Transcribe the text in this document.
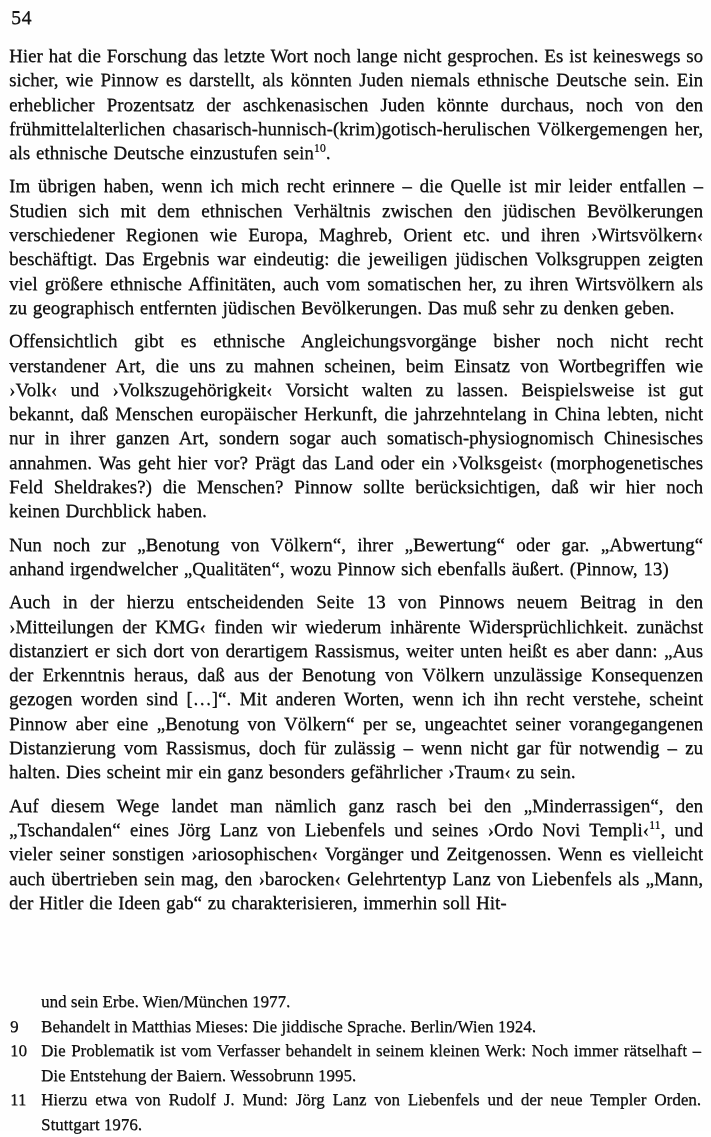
54

Hier hat die Forschung das letzte Wort noch lange nicht gesprochen. Es ist keineswegs so sicher, wie Pinnow es darstellt, als könnten Juden niemals ethnische Deutsche sein. Ein erheblicher Prozentsatz der aschkenasischen Juden könnte durchaus, noch von den frühmittelalterlichen chasarisch-hunnisch-(krim)gotisch-herulischen Völkergemengen her, als ethnische Deutsche einzustufen sein$^{10}$.

Im übrigen haben, wenn ich mich recht erinnere – die Quelle ist mir leider entfallen – Studien sich mit dem ethnischen Verhältnis zwischen den jüdischen Bevölkerungen verschiedener Regionen wie Europa, Maghreb, Orient etc. und ihren ›Wirtsvölkern‹ beschäftigt. Das Ergebnis war eindeutig: die jeweiligen jüdischen Volksgruppen zeigten viel größere ethnische Affinitäten, auch vom somatischen her, zu ihren Wirtsvölkern als zu geographisch entfernten jüdischen Bevölkerungen. Das muß sehr zu denken geben.

Offensichtlich gibt es ethnische Angleichungsvorgänge bisher noch nicht recht verstandener Art, die uns zu mahnen scheinen, beim Einsatz von Wortbegriffen wie ›Volk‹ und ›Volkszugehörigkeit‹ Vorsicht walten zu lassen. Beispielsweise ist gut bekannt, daß Menschen europäischer Herkunft, die jahrzehntelang in China lebten, nicht nur in ihrer ganzen Art, sondern sogar auch somatisch-physiognomisch Chinesisches annahmen. Was geht hier vor? Prägt das Land oder ein ›Volksgeist‹ (morphogenetisches Feld Sheldrakes?) die Menschen? Pinnow sollte berücksichtigen, daß wir hier noch keinen Durchblick haben.

Nun noch zur „Benotung von Völkern“, ihrer „Bewertung“ oder gar. „Abwertung“ anhand irgendwelcher „Qualitäten“, wozu Pinnow sich ebenfalls äußert. (Pinnow, 13)

Auch in der hierzu entscheidenden Seite 13 von Pinnows neuem Beitrag in den ›Mitteilungen der KMG‹ finden wir wiederum inhärente Widersprüchlichkeit. zunächst distanziert er sich dort von derartigem Rassismus, weiter unten heißt es aber dann: „Aus der Erkenntnis heraus, daß aus der Benotung von Völkern unzulässige Konsequenzen gezogen worden sind […]“. Mit anderen Worten, wenn ich ihn recht verstehe, scheint Pinnow aber eine „Benotung von Völkern“ per se, ungeachtet seiner vorangegangenen Distanzierung vom Rassismus, doch für zulässig – wenn nicht gar für notwendig – zu halten. Dies scheint mir ein ganz besonders gefährlicher ›Traum‹ zu sein.

Auf diesem Wege landet man nämlich ganz rasch bei den „Minderrassigen“, den „Tschandalen“ eines Jörg Lanz von Liebenfels und seines ›Ordo Novi Templi‹$^{11}$, und vieler seiner sonstigen ›ariosophischen‹ Vorgänger und Zeitgenossen. Wenn es vielleicht auch übertrieben sein mag, den ›barocken‹ Gelehrtentyp Lanz von Liebenfels als „Mann, der Hitler die Ideen gab“ zu charakterisieren, immerhin soll Hit-

und sein Erbe. Wien/München 1977.
9	Behandelt in Matthias Mieses: Die jiddische Sprache. Berlin/Wien 1924.
10 Die Problematik ist vom Verfasser behandelt in seinem kleinen Werk: Noch immer rätselhaft – Die Entstehung der Baiern. Wessobrunn 1995.
11 Hierzu etwa von Rudolf J. Mund: Jörg Lanz von Liebenfels und der neue Templer Orden. Stuttgart 1976.
